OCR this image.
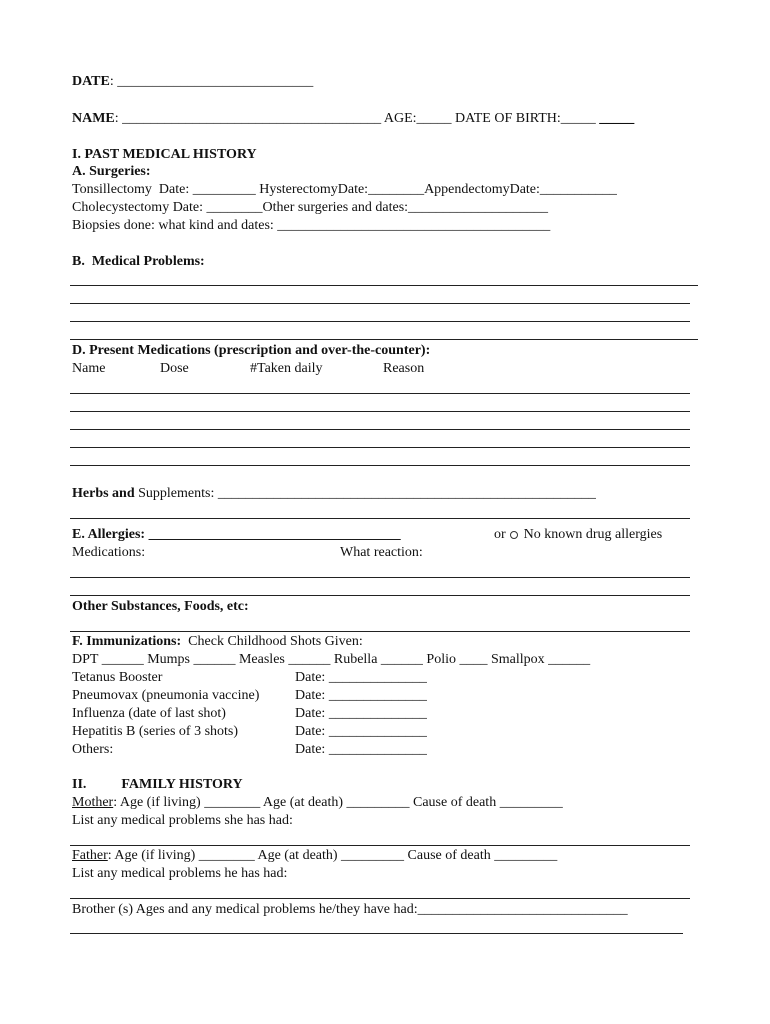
DATE: ____________________________
NAME: _____________________________________ AGE:_____ DATE OF BIRTH:_____ _____
I. PAST MEDICAL HISTORY
A. Surgeries:
Tonsillectomy  Date: _________ HysterectomyDate:________AppendectomyDate:___________
Cholecystectomy Date: ________Other surgeries and dates:____________________
Biopsies done: what kind and dates: _______________________________________
B.  Medical Problems:
D. Present Medications (prescription and over-the-counter):
Name	Dose	#Taken daily	Reason
Herbs and Supplements: ______________________________________________________
E. Allergies: ____________________________________	or No known drug allergies
Medications:	What reaction:
Other Substances, Foods, etc:
F. Immunizations:  Check Childhood Shots Given:
DPT ______ Mumps ______ Measles ______ Rubella ______ Polio ____ Smallpox ______
Tetanus Booster	Date: ______________
Pneumovax (pneumonia vaccine)	Date: ______________
Influenza (date of last shot)	Date: ______________
Hepatitis B (series of 3 shots)	Date: ______________
Others:	Date: ______________
II.          FAMILY HISTORY
Mother: Age (if living) ________ Age (at death) _________ Cause of death _________
List any medical problems she has had:
Father: Age (if living) ________ Age (at death) _________ Cause of death _________
List any medical problems he has had:
Brother (s) Ages and any medical problems he/they have had:______________________________
